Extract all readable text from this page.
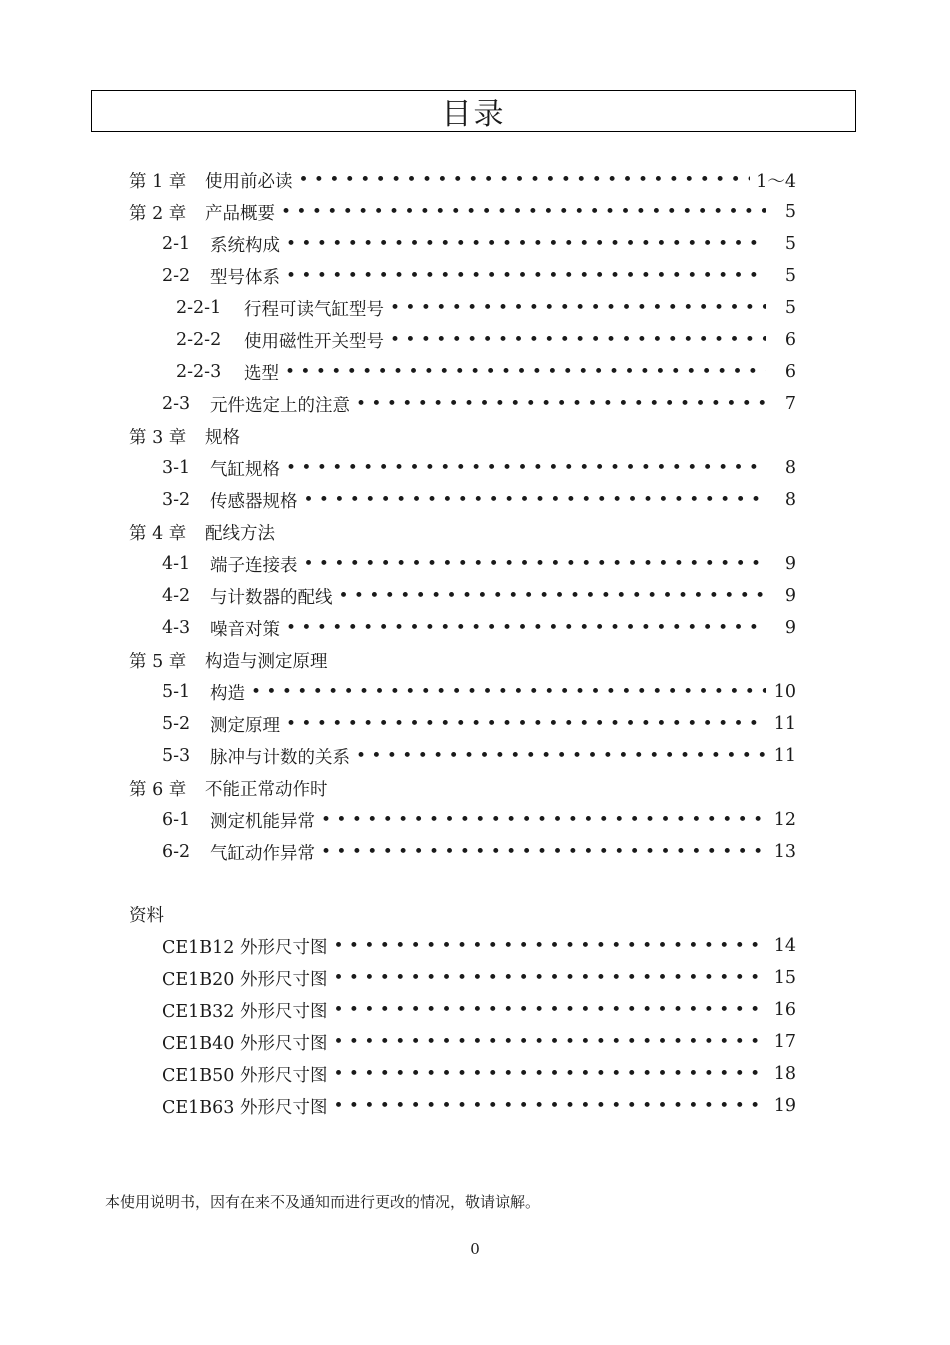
目录
第 1 章	使用前必读 • • •	1～4
第 2 章	产品概要 • • •	5
2-1	系统构成 • • •	5
2-2	型号体系 • • •	5
2-2-1	行程可读气缸型号 • • •	5
2-2-2	使用磁性开关型号 • • •	6
2-2-3	选型 • • •	6
2-3	元件选定上的注意 • • •	7
第 3 章	规格
3-1	气缸规格 • • •	8
3-2	传感器规格 • • •	8
第 4 章	配线方法
4-1	端子连接表 • • •	9
4-2	与计数器的配线 • • •	9
4-3	噪音对策 • • •	9
第 5 章	构造与测定原理
5-1	构造 • • •	10
5-2	测定原理 • • •	11
5-3	脉冲与计数的关系 • • •	11
第 6 章	不能正常动作时
6-1	测定机能异常 • • •	12
6-2	气缸动作异常 • • •	13
资料
CE1B12 外形尺寸图 • • •	14
CE1B20 外形尺寸图 • • •	15
CE1B32 外形尺寸图 • • •	16
CE1B40 外形尺寸图 • • •	17
CE1B50 外形尺寸图 • • •	18
CE1B63 外形尺寸图 • • •	19
本使用说明书，因有在来不及通知而进行更改的情况，敬请谅解。
0
